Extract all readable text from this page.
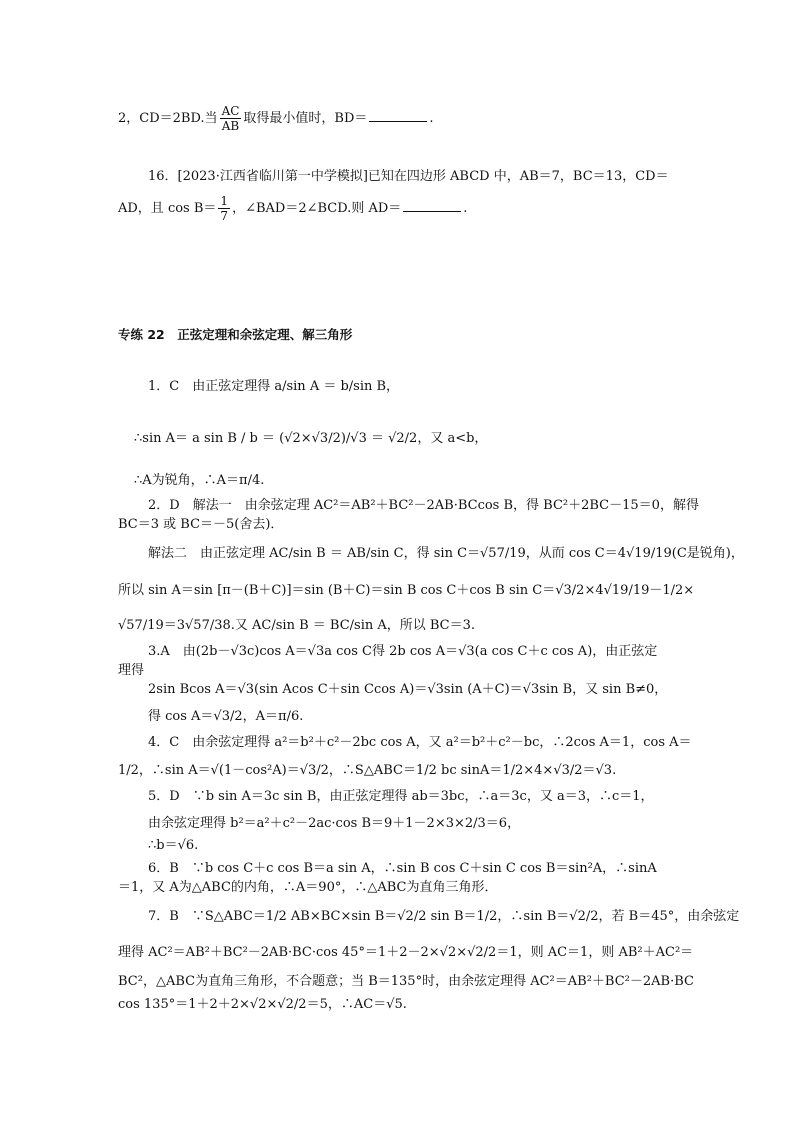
2，CD＝2BD.当 $\frac{AC}{AB}$ 取得最小值时，BD＝	.
16．[2023·江西省临川第一中学模拟]已知在四边形 ABCD 中，AB＝7，BC＝13，CD＝
AD，且 $\cos B= \frac{1}{7}$ ，∠BAD＝2∠BCD.则 AD＝	.
专练 22　正弦定理和余弦定理、解三角形
1．C　由正弦定理得 a/sin A ＝ b/sin B，
∴sin A＝ a sin B / b ＝ (√2×√3/2)/√3 ＝ √2/2，又 a<b，
∴A为锐角，∴A＝π/4.
2．D　解法一　由余弦定理 AC²＝AB²＋BC²－2AB·BCcos B，得 BC²＋2BC－15＝0，解得
BC＝3 或 BC＝－5(舍去)．
解法二　由正弦定理 AC/sin B ＝ AB/sin C，得 sin C＝√57/19，从而 cos C＝4√19/19(C是锐角)，
所以 sin A＝sin [π－(B＋C)]＝sin (B＋C)＝sin B cos C＋cos B sin C＝√3/2×4√19/19－1/2×
√57/19＝3√57/38.又 AC/sin B ＝ BC/sin A，所以 BC＝3.
3.A　由(2b－√3c)cos A＝√3a cos C得 2b cos A＝√3(a cos C＋c cos A)，由正弦定
理得
2sin Bcos A＝√3(sin Acos C＋sin Ccos A)＝√3sin (A＋C)＝√3sin B，又 sin B≠0，
得 cos A＝√3/2，A＝π/6.
4．C　由余弦定理得 a²＝b²＋c²－2bc cos A，又 a²＝b²＋c²－bc，∴2cos A＝1，cos A＝
1/2，∴sin A＝√(1－cos²A)＝√3/2，∴S△ABC＝1/2 bc sinA＝1/2×4×√3/2＝√3.
5．D　∵b sin A＝3c sin B，由正弦定理得 ab＝3bc，∴a＝3c，又 a＝3，∴c＝1，
由余弦定理得 b²＝a²＋c²－2ac·cos B＝9＋1－2×3×2/3＝6，
∴b＝√6.
6．B　∵b cos C＋c cos B＝a sin A，∴sin B cos C＋sin C cos B＝sin²A，∴sinA
＝1，又 A为△ABC的内角，∴A＝90°，∴△ABC为直角三角形．
7．B　∵S△ABC＝1/2 AB×BC×sin B＝√2/2 sin B＝1/2，∴sin B＝√2/2，若 B＝45°，由余弦定
理得 AC²＝AB²＋BC²－2AB·BC·cos 45°＝1＋2－2×√2×√2/2＝1，则 AC＝1，则 AB²＋AC²＝
BC²，△ABC为直角三角形，不合题意；当 B＝135°时，由余弦定理得 AC²＝AB²＋BC²－2AB·BC
cos 135°＝1＋2＋2×√2×√2/2＝5，∴AC＝√5.
